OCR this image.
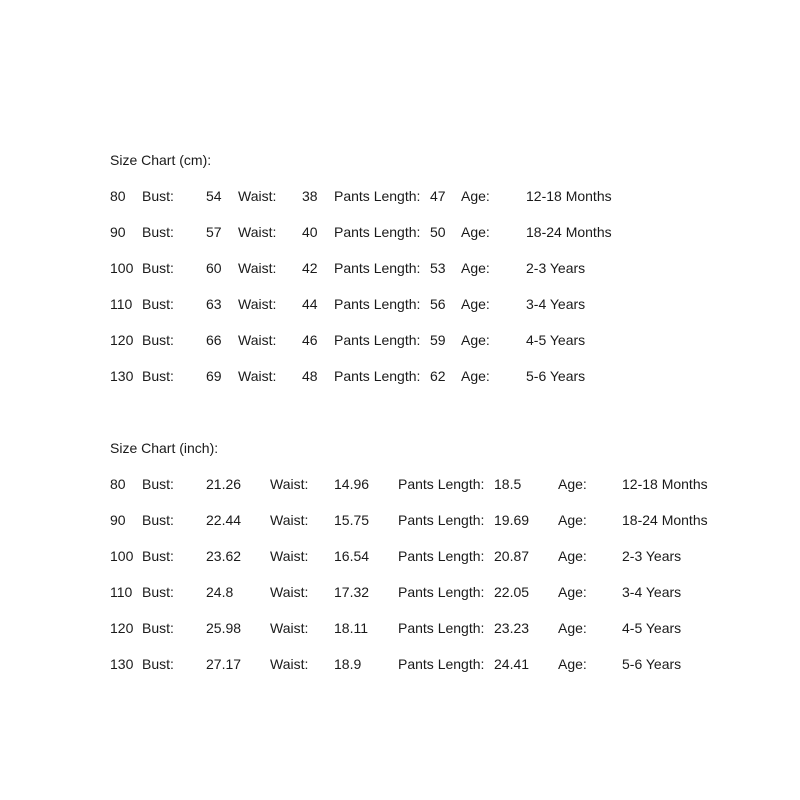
Size Chart (cm):
80 Bust: 54 Waist: 38 Pants Length: 47 Age:	12-18 Months
90 Bust: 57 Waist: 40 Pants Length: 50 Age:	18-24 Months
100 Bust: 60 Waist: 42 Pants Length: 53 Age:	2-3 Years
110 Bust: 63 Waist: 44 Pants Length: 56 Age:	3-4 Years
120 Bust: 66 Waist: 46 Pants Length: 59 Age:	4-5 Years
130 Bust: 69 Waist: 48 Pants Length: 62 Age:	5-6 Years
Size Chart (inch):
80 Bust: 21.26 Waist: 14.96 Pants Length: 18.5	Age:	12-18 Months
90 Bust: 22.44 Waist: 15.75 Pants Length: 19.69 Age:	18-24 Months
100 Bust: 23.62 Waist: 16.54 Pants Length: 20.87 Age:	2-3 Years
110 Bust: 24.8	Waist: 17.32 Pants Length: 22.05 Age:	3-4 Years
120 Bust: 25.98 Waist: 18.11 Pants Length: 23.23 Age:	4-5 Years
130 Bust: 27.17 Waist: 18.9	Pants Length: 24.41 Age:	5-6 Years
